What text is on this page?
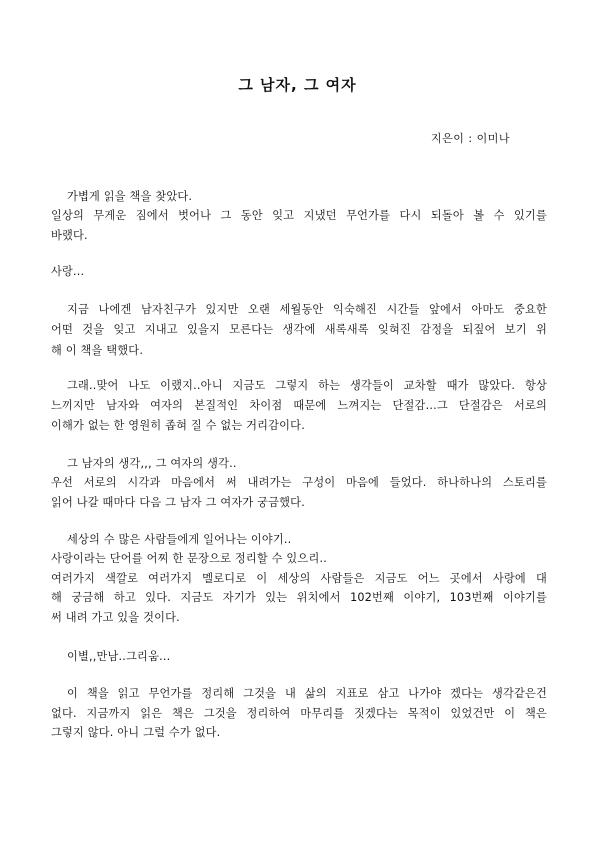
그 남자, 그 여자
지은이 : 이미나
가볍게 읽을 책을 찾았다.
일상의 무게운 짐에서 벗어나 그 동안 잊고 지냈던 무언가를 다시 되돌아 볼 수 있기를
바랬다.
사랑...
지금 나에겐 남자친구가 있지만 오랜 세월동안 익숙해진 시간들 앞에서 아마도 중요한
어떤 것을 잊고 지내고 있을지 모른다는 생각에 새록새록 잊혀진 감정을 되짚어 보기 위
해 이 책을 택했다.
그래..맞어 나도 이랬지..아니 지금도 그렇지 하는 생각들이 교차할 때가 많았다. 항상
느끼지만 남자와 여자의 본질적인 차이점 때문에 느껴지는 단절감...그 단절감은 서로의
이해가 없는 한 영원히 좁혀 질 수 없는 거리감이다.
그 남자의 생각,,, 그 여자의 생각..
우선 서로의 시각과 마음에서 써 내려가는 구성이 마음에 들었다. 하나하나의 스토리를
읽어 나갈 때마다 다음 그 남자 그 여자가 궁금했다.
세상의 수 많은 사람들에게 일어나는 이야기..
사랑이라는 단어를 어찌 한 문장으로 정리할 수 있으리..
여러가지 색깔로 여러가지 멜로디로 이 세상의 사람들은 지금도 어느 곳에서 사랑에 대
해 궁금해 하고 있다. 지금도 자기가 있는 위치에서 102번째 이야기, 103번째 이야기를
써 내려 가고 있을 것이다.
이별,,만남..그리움...
이 책을 읽고 무언가를 정리해 그것을 내 삶의 지표로 삼고 나가야 겠다는 생각같은건
없다. 지금까지 읽은 책은 그것을 정리하여 마무리를 짓겠다는 목적이 있었건만 이 책은
그렇지 않다. 아니 그럴 수가 없다.
